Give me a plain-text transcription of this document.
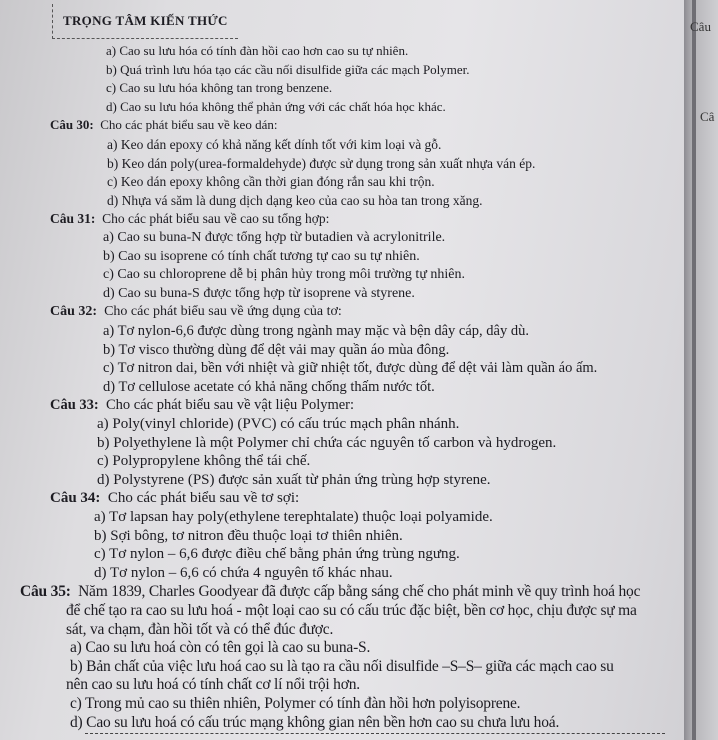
Câu
Câ
TRỌNG TÂM KIẾN THỨC
a) Cao su lưu hóa có tính đàn hồi cao hơn cao su tự nhiên.
b) Quá trình lưu hóa tạo các cầu nối disulfide giữa các mạch Polymer.
c) Cao su lưu hóa không tan trong benzene.
d) Cao su lưu hóa không thể phản ứng với các chất hóa học khác.
Câu 30: Cho các phát biểu sau về keo dán:
a) Keo dán epoxy có khả năng kết dính tốt với kim loại và gỗ.
b) Keo dán poly(urea-formaldehyde) được sử dụng trong sản xuất nhựa ván ép.
c) Keo dán epoxy không cần thời gian đóng rắn sau khi trộn.
d) Nhựa vá săm là dung dịch dạng keo của cao su hòa tan trong xăng.
Câu 31: Cho các phát biểu sau về cao su tổng hợp:
a) Cao su buna-N được tổng hợp từ butadien và acrylonitrile.
b) Cao su isoprene có tính chất tương tự cao su tự nhiên.
c) Cao su chloroprene dễ bị phân hủy trong môi trường tự nhiên.
d) Cao su buna-S được tổng hợp từ isoprene và styrene.
Câu 32: Cho các phát biểu sau về ứng dụng của tơ:
a) Tơ nylon-6,6 được dùng trong ngành may mặc và bện dây cáp, dây dù.
b) Tơ visco thường dùng để dệt vải may quần áo mùa đông.
c) Tơ nitron dai, bền với nhiệt và giữ nhiệt tốt, được dùng để dệt vải làm quần áo ấm.
d) Tơ cellulose acetate có khả năng chống thấm nước tốt.
Câu 33: Cho các phát biểu sau về vật liệu Polymer:
a) Poly(vinyl chloride) (PVC) có cấu trúc mạch phân nhánh.
b) Polyethylene là một Polymer chỉ chứa các nguyên tố carbon và hydrogen.
c) Polypropylene không thể tái chế.
d) Polystyrene (PS) được sản xuất từ phản ứng trùng hợp styrene.
Câu 34: Cho các phát biểu sau về tơ sợi:
a) Tơ lapsan hay poly(ethylene terephtalate) thuộc loại polyamide.
b) Sợi bông, tơ nitron đều thuộc loại tơ thiên nhiên.
c) Tơ nylon – 6,6 được điều chế bằng phản ứng trùng ngưng.
d) Tơ nylon – 6,6 có chứa 4 nguyên tố khác nhau.
Câu 35: Năm 1839, Charles Goodyear đã được cấp bằng sáng chế cho phát minh về quy trình hoá học
để chế tạo ra cao su lưu hoá - một loại cao su có cấu trúc đặc biệt, bền cơ học, chịu được sự ma
sát, va chạm, đàn hồi tốt và có thể đúc được.
a) Cao su lưu hoá còn có tên gọi là cao su buna-S.
b) Bản chất của việc lưu hoá cao su là tạo ra cầu nối disulfide –S–S– giữa các mạch cao su
nên cao su lưu hoá có tính chất cơ lí nổi trội hơn.
c) Trong mủ cao su thiên nhiên, Polymer có tính đàn hồi hơn polyisoprene.
d) Cao su lưu hoá có cấu trúc mạng không gian nên bền hơn cao su chưa lưu hoá.
